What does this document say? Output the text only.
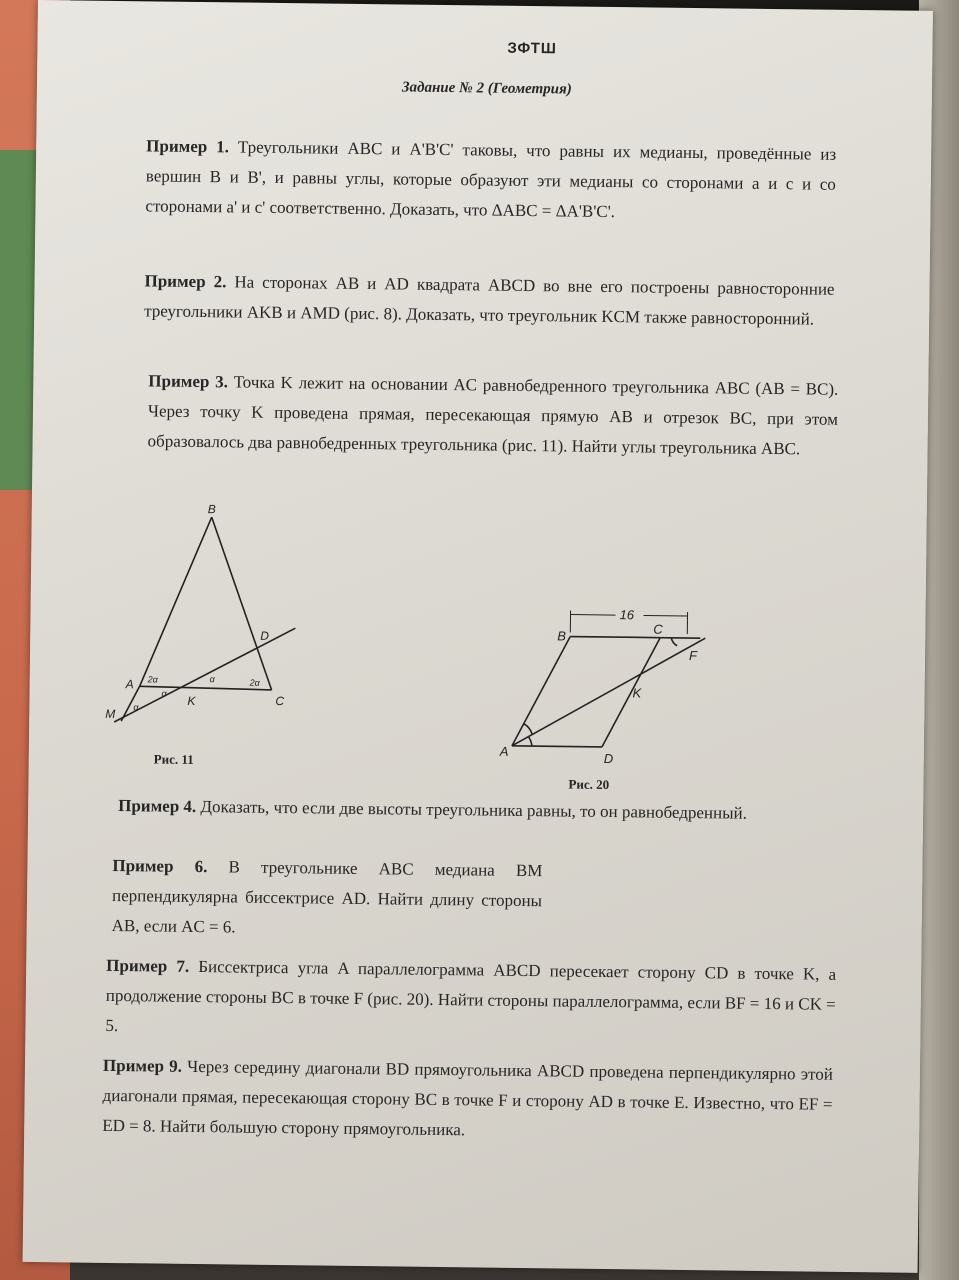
ЗФТШ
Задание № 2 (Геометрия)
Пример 1. Треугольники ABC и A'B'C' таковы, что равны их медианы, проведённые из вершин B и B', и равны углы, которые образуют эти медианы со сторонами a и c и со сторонами a' и c' соответственно. Доказать, что ΔABC = ΔA'B'C'.
Пример 2. На сторонах AB и AD квадрата ABCD во вне его построены равносторонние треугольники AKB и AMD (рис. 8). Доказать, что треугольник KCM также равносторонний.
Пример 3. Точка K лежит на основании AC равнобедренного треугольника ABC (AB = BC). Через точку K проведена прямая, пересекающая прямую AB и отрезок BC, при этом образовалось два равнобедренных треугольника (рис. 11). Найти углы треугольника ABC.
B
D
A
K	C
M
2α	2α
α
α
α
Рис. 11
16
B	C
F
K
A	D
Рис. 20
Пример 4. Доказать, что если две высоты треугольника равны, то он равнобедренный.
Пример 6. В треугольнике ABC медиана BM перпендикулярна биссектрисе AD. Найти длину стороны AB, если AC = 6.
Пример 7. Биссектриса угла A параллелограмма ABCD пересекает сторону CD в точке K, а продолжение стороны BC в точке F (рис. 20). Найти стороны параллелограмма, если BF = 16 и CK = 5.
Пример 9. Через середину диагонали BD прямоугольника ABCD проведена перпендикулярно этой диагонали прямая, пересекающая сторону BC в точке F и сторону AD в точке E. Известно, что EF = ED = 8. Найти большую сторону прямоугольника.
